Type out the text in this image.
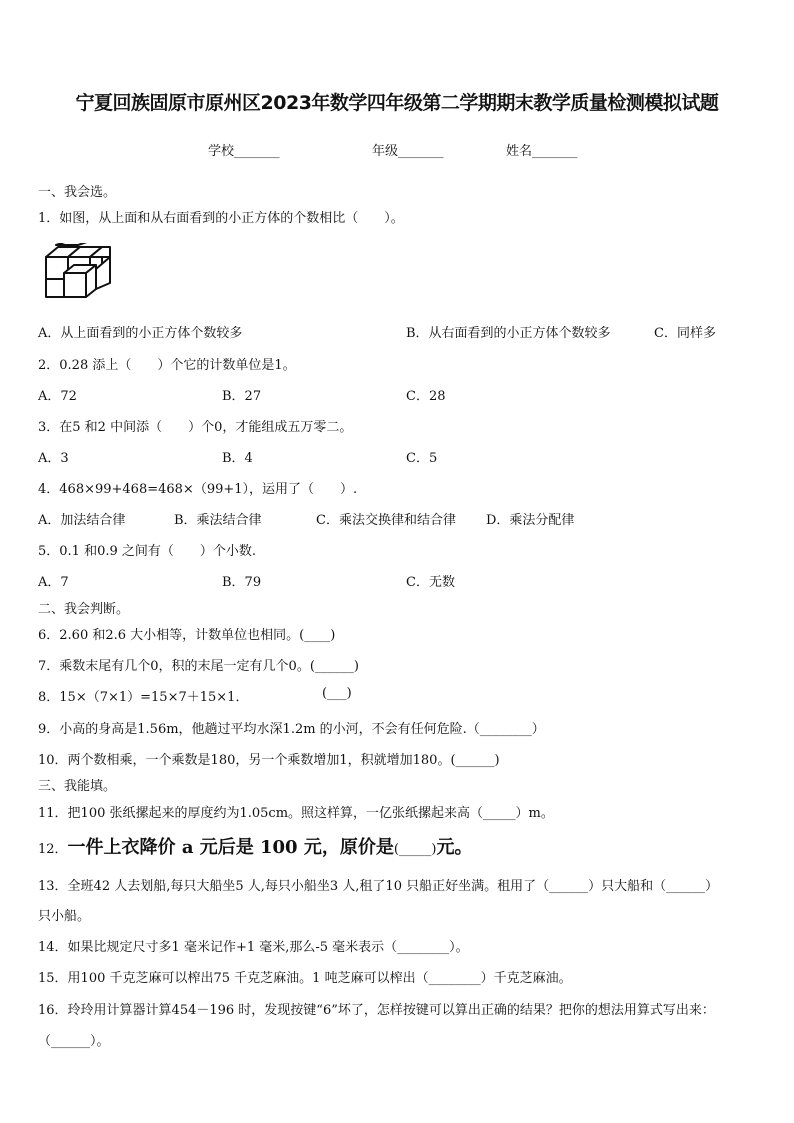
宁夏回族固原市原州区2023年数学四年级第二学期期末教学质量检测模拟试题
学校_______	年级_______	姓名_______
一、我会选。
1．如图，从上面和从右面看到的小正方体的个数相比（　　）。
A．从上面看到的小正方体个数较多	B．从右面看到的小正方体个数较多	C．同样多
2．0.28 添上（　　）个它的计数单位是1。
A．72	B．27	C．28
3．在5 和2 中间添（　　）个0，才能组成五万零二。
A．3	B．4	C．5
4．468×99+468=468×（99+1），运用了（　　）.
A．加法结合律	B．乘法结合律	C．乘法交换律和结合律 D．乘法分配律
5．0.1 和0.9 之间有（　　）个小数.
A．7	B．79	C．无数
二、我会判断。
6．2.60 和2.6 大小相等，计数单位也相同。(____)
7．乘数末尾有几个0，积的末尾一定有几个0。(______)
8．15×（7×1）=15×7＋15×1．	(___)
9．小高的身高是1.56m，他趟过平均水深1.2m 的小河，不会有任何危险.（________）
10．两个数相乘，一个乘数是180，另一个乘数增加1，积就增加180。(______)
三、我能填。
11．把100 张纸摞起来的厚度约为1.05cm。照这样算，一亿张纸摞起来高（_____）m。
12．一件上衣降价 a 元后是 100 元，原价是(_____)元。
13．全班42 人去划船,每只大船坐5 人,每只小船坐3 人,租了10 只船正好坐满。租用了（______）只大船和（______）
只小船。
14．如果比规定尺寸多1 毫米记作+1 毫米,那么-5 毫米表示（________）。
15．用100 千克芝麻可以榨出75 千克芝麻油。1 吨芝麻可以榨出（________）千克芝麻油。
16．玲玲用计算器计算454－196 时，发现按键“6”坏了，怎样按键可以算出正确的结果？把你的想法用算式写出来：
（______）。
